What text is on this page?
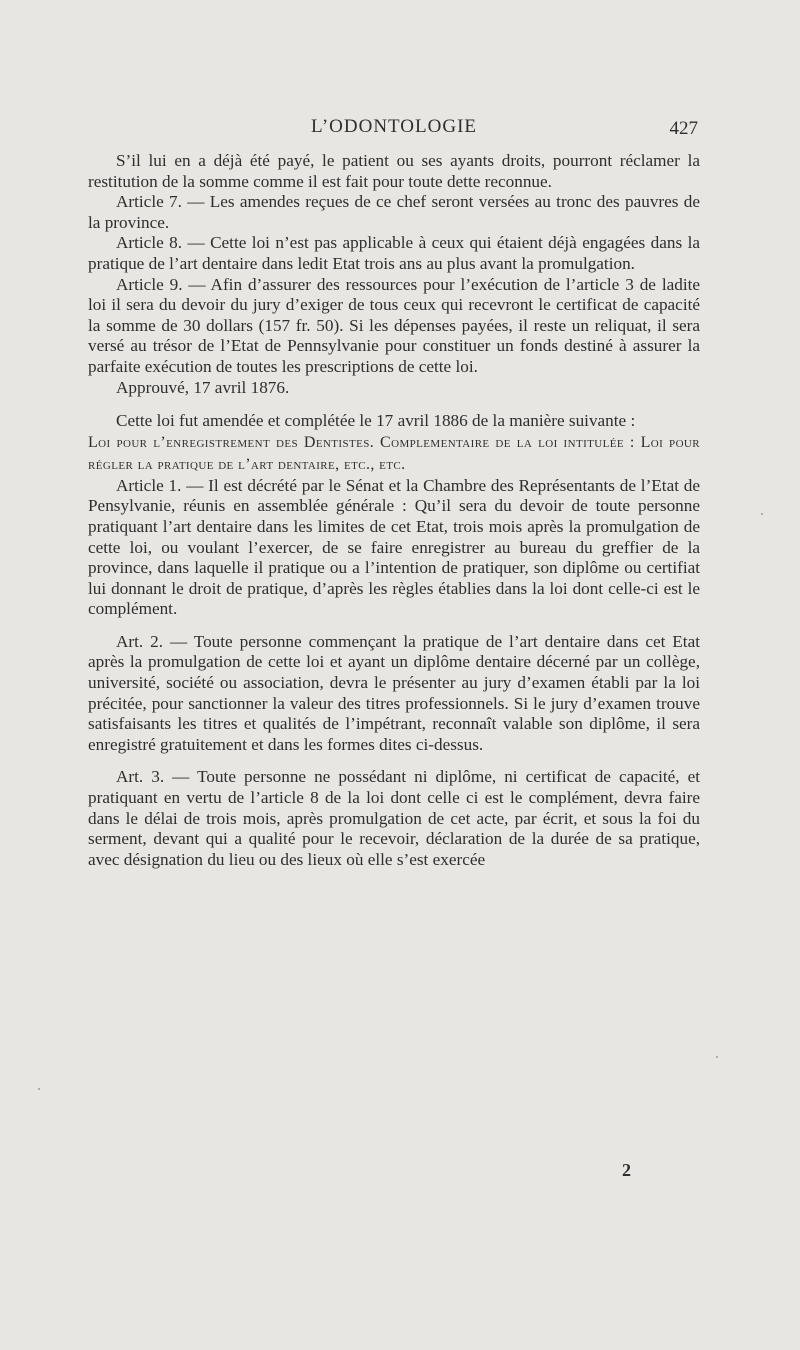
L’ODONTOLOGIE	427

S’il lui en a déjà été payé, le patient ou ses ayants droits, pourront réclamer la restitution de la somme comme il est fait pour toute dette reconnue.

Article 7. — Les amendes reçues de ce chef seront versées au tronc des pauvres de la province.

Article 8. — Cette loi n’est pas applicable à ceux qui étaient déjà engagées dans la pratique de l’art dentaire dans ledit Etat trois ans au plus avant la promulgation.

Article 9. — Afin d’assurer des ressources pour l’exécution de l’article 3 de ladite loi il sera du devoir du jury d’exiger de tous ceux qui recevront le certificat de capacité la somme de 30 dollars (157 fr. 50). Si les dépenses payées, il reste un reliquat, il sera versé au trésor de l’Etat de Pennsylvanie pour constituer un fonds destiné à assurer la parfaite exécution de toutes les prescriptions de cette loi.

Approuvé, 17 avril 1876.

Cette loi fut amendée et complétée le 17 avril 1886 de la manière suivante :

Loi pour l’enregistrement des Dentistes. Complementaire de la loi intitulée : Loi pour régler la pratique de l’art dentaire, etc., etc.

Article 1. — Il est décrété par le Sénat et la Chambre des Représentants de l’Etat de Pensylvanie, réunis en assemblée générale : Qu’il sera du devoir de toute personne pratiquant l’art dentaire dans les limites de cet Etat, trois mois après la promulgation de cette loi, ou voulant l’exercer, de se faire enregistrer au bureau du greffier de la province, dans laquelle il pratique ou a l’intention de pratiquer, son diplôme ou certifiat lui donnant le droit de pratique, d’après les règles établies dans la loi dont celle-ci est le complément.

Art. 2. — Toute personne commençant la pratique de l’art dentaire dans cet Etat après la promulgation de cette loi et ayant un diplôme dentaire décerné par un collège, université, société ou association, devra le présenter au jury d’examen établi par la loi précitée, pour sanctionner la valeur des titres professionnels. Si le jury d’examen trouve satisfaisants les titres et qualités de l’impétrant, reconnaît valable son diplôme, il sera enregistré gratuitement et dans les formes dites ci-dessus.

Art. 3. — Toute personne ne possédant ni diplôme, ni certificat de capacité, et pratiquant en vertu de l’article 8 de la loi dont celle ci est le complément, devra faire dans le délai de trois mois, après promulgation de cet acte, par écrit, et sous la foi du serment, devant qui a qualité pour le recevoir, déclaration de la durée de sa pratique, avec désignation du lieu ou des lieux où elle s’est exercée

2
